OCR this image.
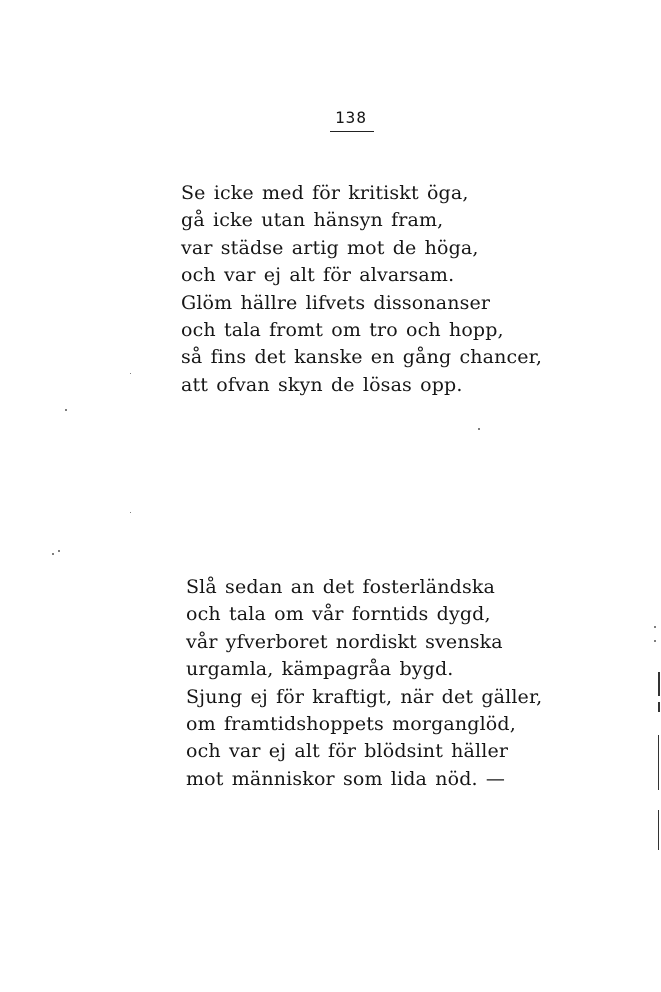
138
Se icke med för kritiskt öga,
gå icke utan hänsyn fram,
var städse artig mot de höga,
och var ej alt för alvarsam.
Glöm hällre lifvets dissonanser
och tala fromt om tro och hopp,
så fins det kanske en gång chancer,
att ofvan skyn de lösas opp.
Slå sedan an det fosterländska
och tala om vår forntids dygd,
vår yfverboret nordiskt svenska
urgamla, kämpagråa bygd.
Sjung ej för kraftigt, när det gäller,
om framtidshoppets morganglöd,
och var ej alt för blödsint häller
mot människor som lida nöd. —
